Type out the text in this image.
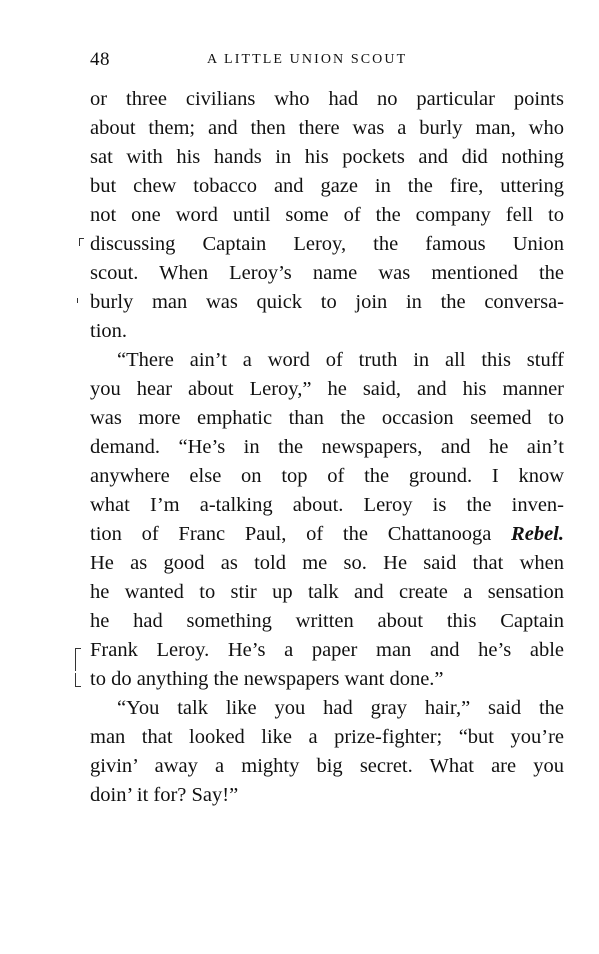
48	A LITTLE UNION SCOUT
or three civilians who had no particular points
about them; and then there was a burly man, who
sat with his hands in his pockets and did nothing
but chew tobacco and gaze in the fire, uttering
not one word until some of the company fell to
discussing Captain Leroy, the famous Union
scout. When Leroy’s name was mentioned the
burly man was quick to join in the conversa-
tion.
“There ain’t a word of truth in all this stuff
you hear about Leroy,” he said, and his manner
was more emphatic than the occasion seemed to
demand. “He’s in the newspapers, and he ain’t
anywhere else on top of the ground. I know
what I’m a-talking about. Leroy is the inven-
tion of Franc Paul, of the Chattanooga Rebel.
He as good as told me so. He said that when
he wanted to stir up talk and create a sensation
he had something written about this Captain
Frank Leroy. He’s a paper man and he’s able
to do anything the newspapers want done.”
“You talk like you had gray hair,” said the
man that looked like a prize-fighter; “but you’re
givin’ away a mighty big secret. What are you
doin’ it for? Say!”
